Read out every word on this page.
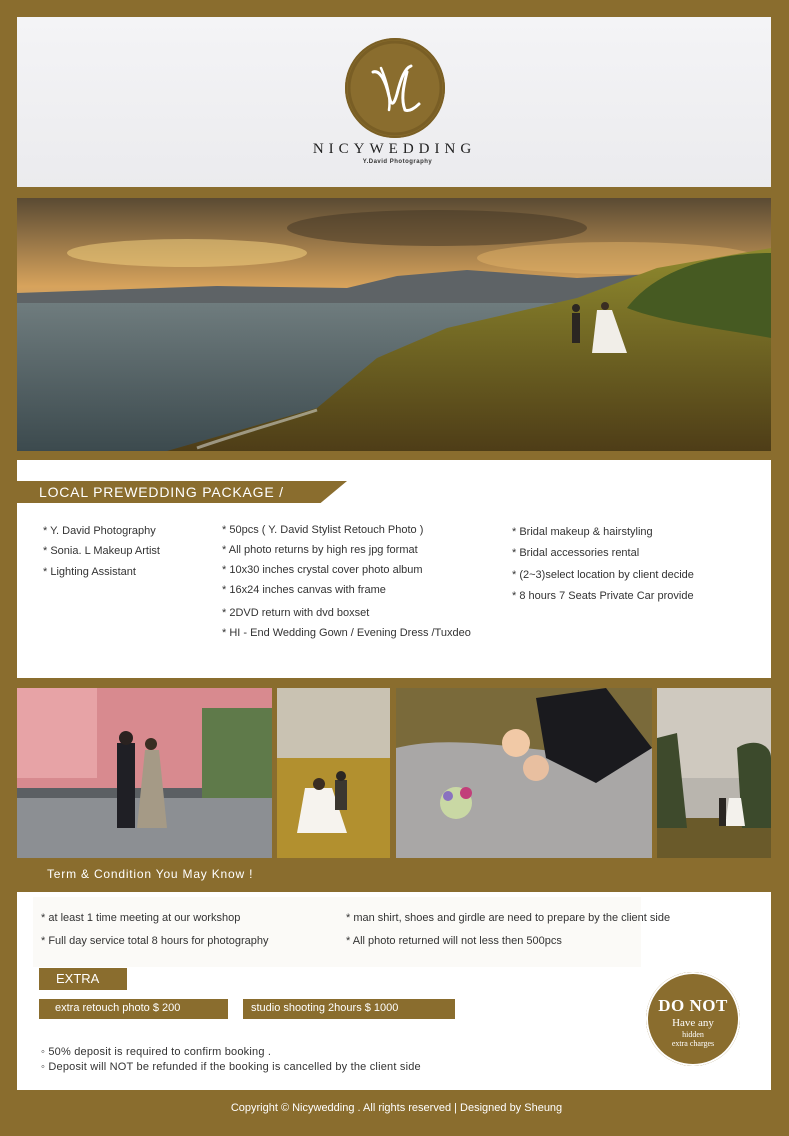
NICYWEDDING
Y.David Photography
LOCAL PREWEDDING PACKAGE /
* Y. David Photography
* Sonia. L Makeup Artist
* Lighting Assistant
* 50pcs ( Y. David Stylist Retouch Photo )
* All photo returns by high res jpg format
* 10x30 inches crystal cover photo album
* 16x24 inches canvas with frame
* 2DVD return with dvd boxset
* HI - End Wedding Gown / Evening Dress /Tuxdeo
* Bridal makeup & hairstyling
* Bridal accessories rental
* (2~3)select location by client decide
* 8 hours 7 Seats Private Car provide
Term & Condition You May Know !
* at least 1 time meeting at our workshop
* Full day service total 8 hours for photography
* man shirt, shoes and girdle are need to prepare by the client side
* All photo returned will not less then 500pcs
EXTRA
extra retouch photo $ 200	studio shooting 2hours $ 1000	DO NOT
Have any
hidden
extra charges
◦ 50% deposit is required to confirm booking .
◦ Deposit will NOT be refunded if the booking is cancelled by the client side
Copyright © Nicywedding . All rights reserved | Designed by Sheung
